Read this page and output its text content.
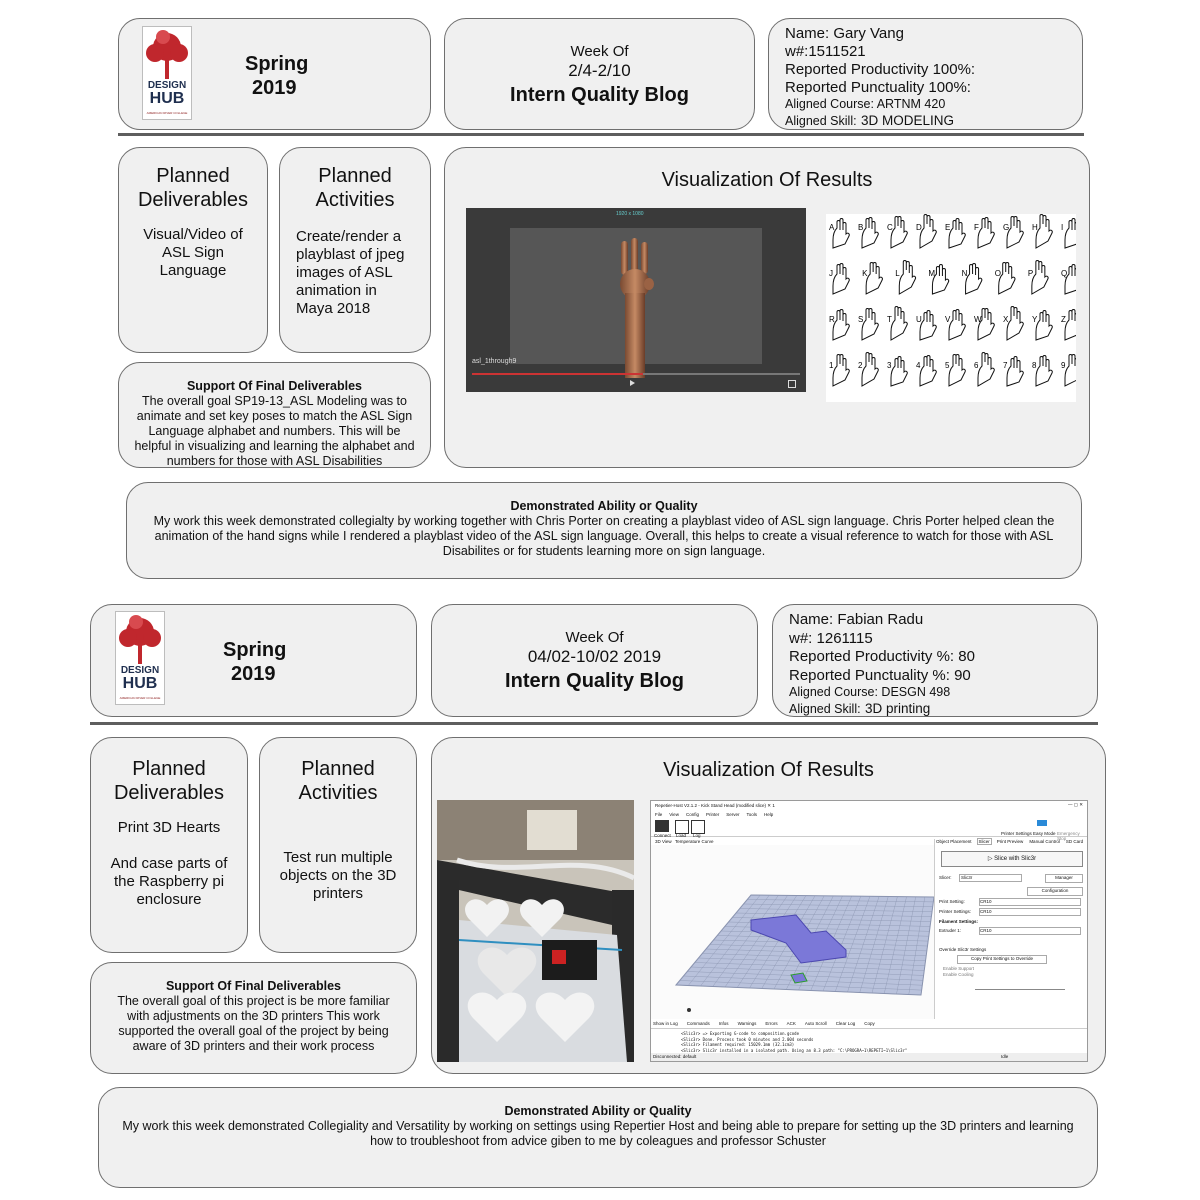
DESIGN
HUB
AMERICAN RIVER COLLEGE
Spring
2019
Week Of
2/4-2/10
Intern Quality Blog
Name: Gary Vang
w#:1511521
Reported Productivity 100%:
Reported Punctuality 100%:
Aligned Course: ARTNM 420
Aligned Skill: 3D MODELING
Planned Deliverables
Visual/Video of ASL Sign Language
Planned Activities
Create/render a playblast of jpeg images of ASL animation in Maya 2018
Support Of Final Deliverables
The overall goal SP19-13_ASL Modeling was to animate and set key poses to match the ASL Sign Language alphabet and numbers. This will be helpful in visualizing and learning the alphabet and numbers for those with ASL Disabilities
Visualization Of Results
1920 x 1080
asl_1through9
A	B	C	D	E	F	G	H	I
J	K	L	M	N	O	P	Q
R	S	T	U	V	W	X	Y	Z
1	2	3	4	5	6	7	8	9
Demonstrated Ability or Quality
My work this week demonstrated collegialty by working together with Chris Porter on creating a playblast video of ASL sign language. Chris Porter helped clean the animation of the hand signs while I rendered a playblast video of the ASL sign language. Overall, this helps to create a visual reference to watch for those with ASL Disabilites or for students learning more on sign language.
DESIGN
HUB
AMERICAN RIVER COLLEGE
Spring
2019
Week Of
04/02-10/02 2019
Intern Quality Blog
Name: Fabian Radu
w#: 1261115
Reported Productivity %: 80
Reported Punctuality %: 90
Aligned Course: DESGN 498
Aligned Skill: 3D printing
Planned Deliverables
Print 3D Hearts
And case parts of the Raspberry pi enclosure
Planned Activities
Test run multiple objects on the 3D printers
Support Of Final Deliverables
The overall goal of this project is be more familiar with adjustments on the 3D printers This work supported the overall goal of the project by being aware of 3D printers and their work process
Visualization Of Results
Repetier-Host V2.1.2 - Kick Stand Head (modified slice) ✕ 1	— ▢ ✕
File View Config Printer Server Tools Help
Connect Load Log	Printer Settings Easy Mode Emergency Stop
3D View Temperature Curve	Object Placement Slicer Print Preview Manual Control SD Card
▷ Slice with Slic3r
Slicer:	Slic3r	Manager
Configuration
Print Setting:	CR10
Printer Settings: CR10
Filament Settings:
Extruder 1:	CR10
Override Slic3r Settings
Copy Print Settings to Override
Enable Support
Enable Cooling
Show in Log Commands Infos Warnings Errors ACK Auto Scroll Clear Log Copy
<Slic3r> => Exporting G-code to composition.gcode
<Slic3r> Done. Process took 0 minutes and 2.004 seconds
<Slic3r> Filament required: 15029.1mm (32.1cm3)
<Slic3r> Slic3r installed in a isolated path. Using an 8.3 path: "C:\PROGRA~1\REPETI~1\Slic3r"
Disconnected: default	Idle
Demonstrated Ability or Quality
My work this week demonstrated Collegiality and Versatility by working on settings using Repertier Host and being able to prepare for setting up the 3D printers and learning how to troubleshoot from advice giben to me by coleagues and professor Schuster
